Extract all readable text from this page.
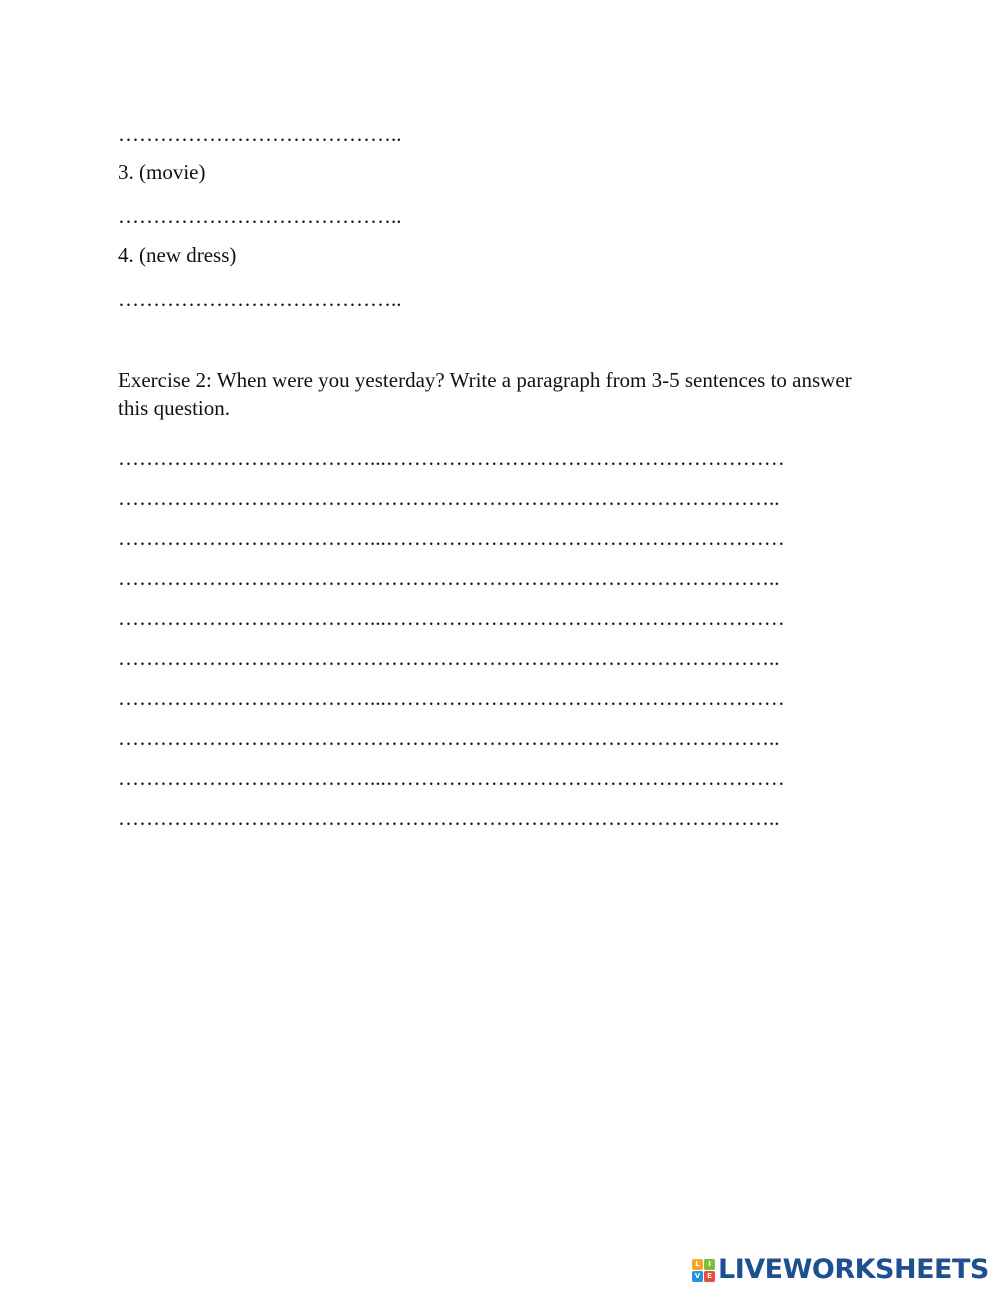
…………………………………..
3. (movie)
…………………………………..
4. (new dress)
…………………………………..
Exercise 2: When were you yesterday? Write a paragraph from 3-5 sentences to answer this question.
………………………………...…………………………………………………
…………………………………………………………………………………..
………………………………...…………………………………………………
…………………………………………………………………………………..
………………………………...…………………………………………………
…………………………………………………………………………………..
………………………………...…………………………………………………
…………………………………………………………………………………..
………………………………...…………………………………………………
…………………………………………………………………………………..
L	I
V E LIVEWORKSHEETS
